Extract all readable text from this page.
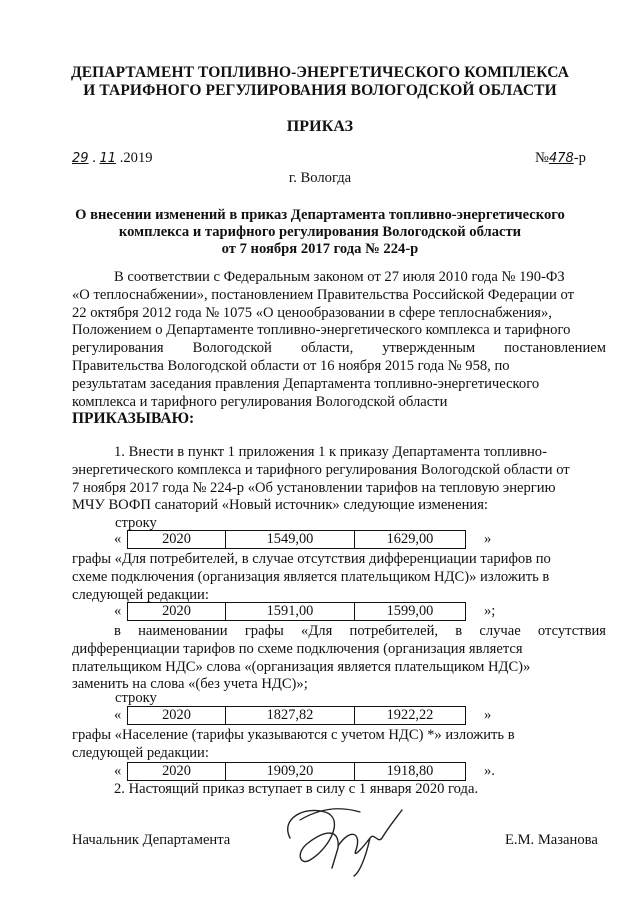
ДЕПАРТАМЕНТ ТОПЛИВНО-ЭНЕРГЕТИЧЕСКОГО КОМПЛЕКСА
И ТАРИФНОГО РЕГУЛИРОВАНИЯ ВОЛОГОДСКОЙ ОБЛАСТИ
ПРИКАЗ
29 . 11 .2019	№478-р
г. Вологда
О внесении изменений в приказ Департамента топливно-энергетического
комплекса и тарифного регулирования Вологодской области
от 7 ноября 2017 года № 224-р
В соответствии с Федеральным законом от 27 июля 2010 года № 190-ФЗ
«О теплоснабжении», постановлением Правительства Российской Федерации от
22 октября 2012 года № 1075 «О ценообразовании в сфере теплоснабжения»,
Положением о Департаменте топливно-энергетического комплекса и тарифного
регулирования Вологодской области, утвержденным постановлением
Правительства Вологодской области от 16 ноября 2015 года № 958, по
результатам заседания правления Департамента топливно-энергетического
комплекса и тарифного регулирования Вологодской области
ПРИКАЗЫВАЮ:
1. Внести в пункт 1 приложения 1 к приказу Департамента топливно-
энергетического комплекса и тарифного регулирования Вологодской области от
7 ноября 2017 года № 224-р «Об установлении тарифов на тепловую энергию
МЧУ ВОФП санаторий «Новый источник» следующие изменения:
строку
«	2020	1549,00	1629,00	»
графы «Для потребителей, в случае отсутствия дифференциации тарифов по
схеме подключения (организация является плательщиком НДС)» изложить в
следующей редакции:
«	2020	1591,00	1599,00	»;
в наименовании графы «Для потребителей, в случае отсутствия
дифференциации тарифов по схеме подключения (организация является
плательщиком НДС» слова «(организация является плательщиком НДС)»
заменить на слова «(без учета НДС)»;
строку
«	2020	1827,82	1922,22	»
графы «Население (тарифы указываются с учетом НДС) *» изложить в
следующей редакции:
«	2020	1909,20	1918,80	».
2. Настоящий приказ вступает в силу с 1 января 2020 года.
Начальник Департамента	Е.М. Мазанова
